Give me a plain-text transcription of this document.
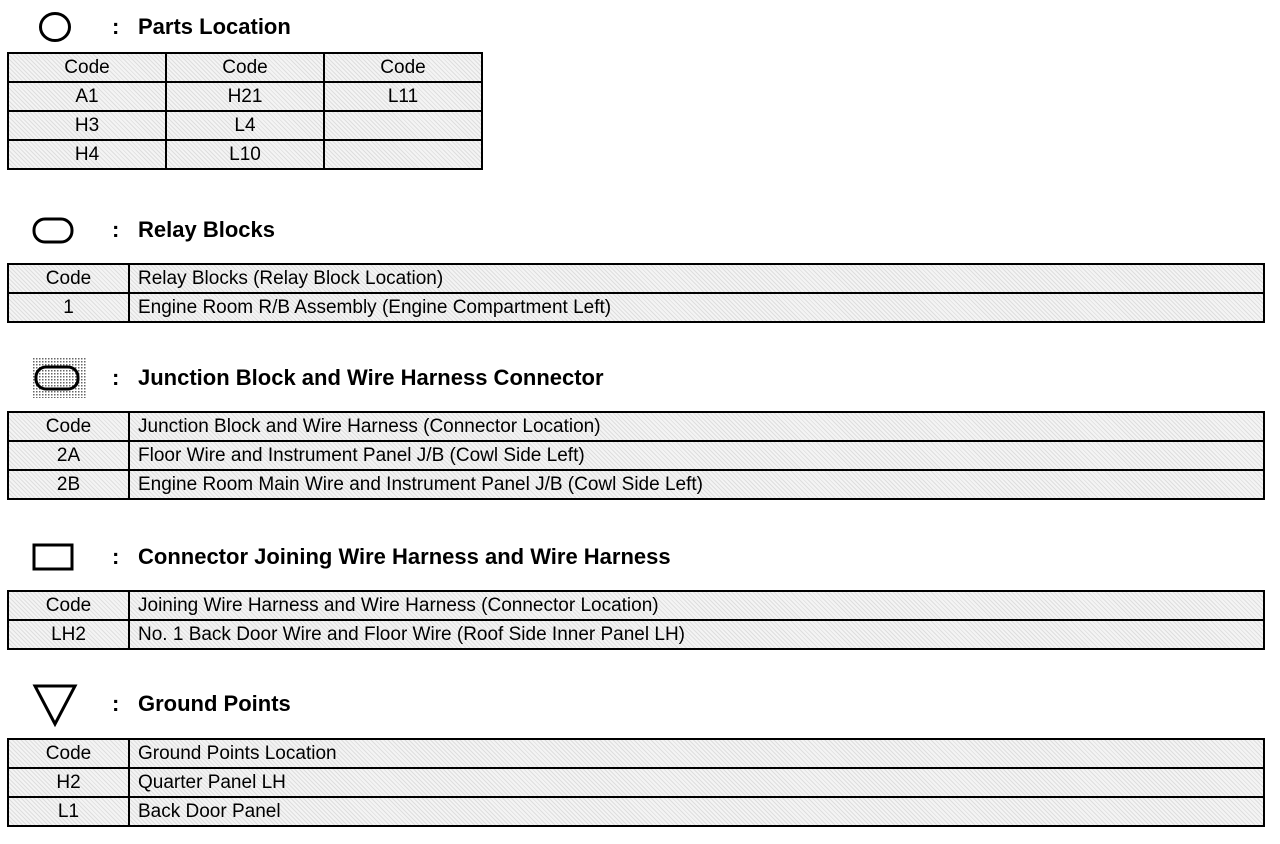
: Parts Location
Code	Code	Code
A1	H21	L11
H3	L4	
H4	L10	
: Relay Blocks
Code	Relay Blocks (Relay Block Location)
1	Engine Room R/B Assembly (Engine Compartment Left)
: Junction Block and Wire Harness Connector
Code	Junction Block and Wire Harness (Connector Location)
2A	Floor Wire and Instrument Panel J/B (Cowl Side Left)
2B	Engine Room Main Wire and Instrument Panel J/B (Cowl Side Left)
: Connector Joining Wire Harness and Wire Harness
Code	Joining Wire Harness and Wire Harness (Connector Location)
LH2	No. 1 Back Door Wire and Floor Wire (Roof Side Inner Panel LH)
: Ground Points
Code	Ground Points Location
H2	Quarter Panel LH
L1	Back Door Panel
